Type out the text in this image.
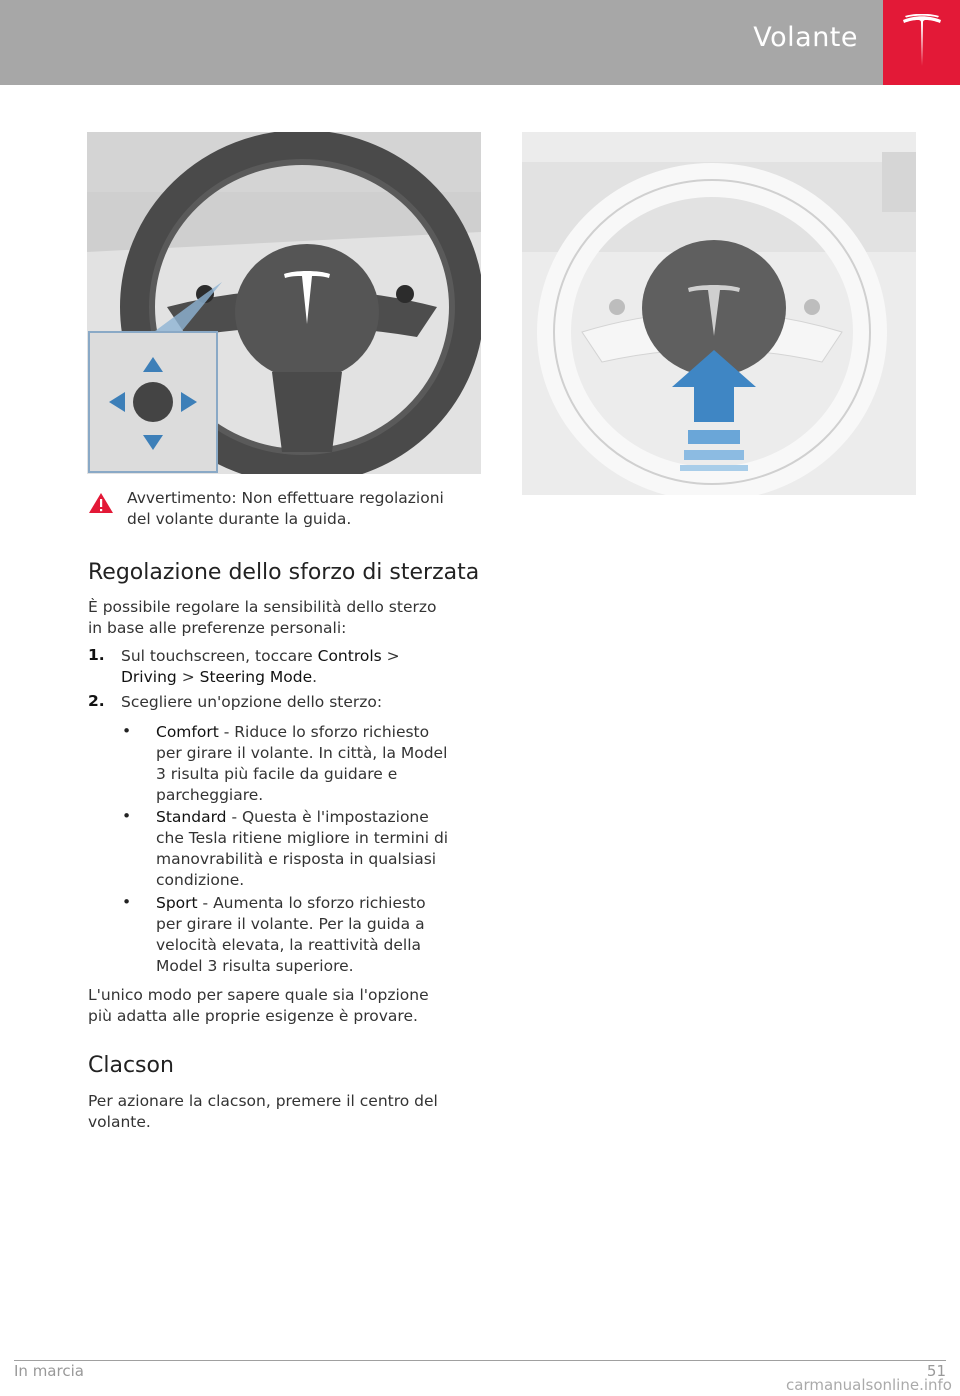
Volante
Avvertimento: Non effettuare regolazioni
del volante durante la guida.
Regolazione dello sforzo di sterzata

È possibile regolare la sensibilità dello sterzo

in base alle preferenze personali:

1. Sul touchscreen, toccare Controls >

Driving > Steering Mode.

2. Scegliere un'opzione dello sterzo:

• Comfort - Riduce lo sforzo richiesto

per girare il volante. In città, la Model

3 risulta più facile da guidare e

parcheggiare.

• Standard - Questa è l'impostazione

che Tesla ritiene migliore in termini di

manovrabilità e risposta in qualsiasi

condizione.

• Sport - Aumenta lo sforzo richiesto

per girare il volante. Per la guida a

velocità elevata, la reattività della

Model 3 risulta superiore.

L'unico modo per sapere quale sia l'opzione

più adatta alle proprie esigenze è provare.

Clacson

Per azionare la clacson, premere il centro del

volante.

In marcia	51
carmanualsonline.info
